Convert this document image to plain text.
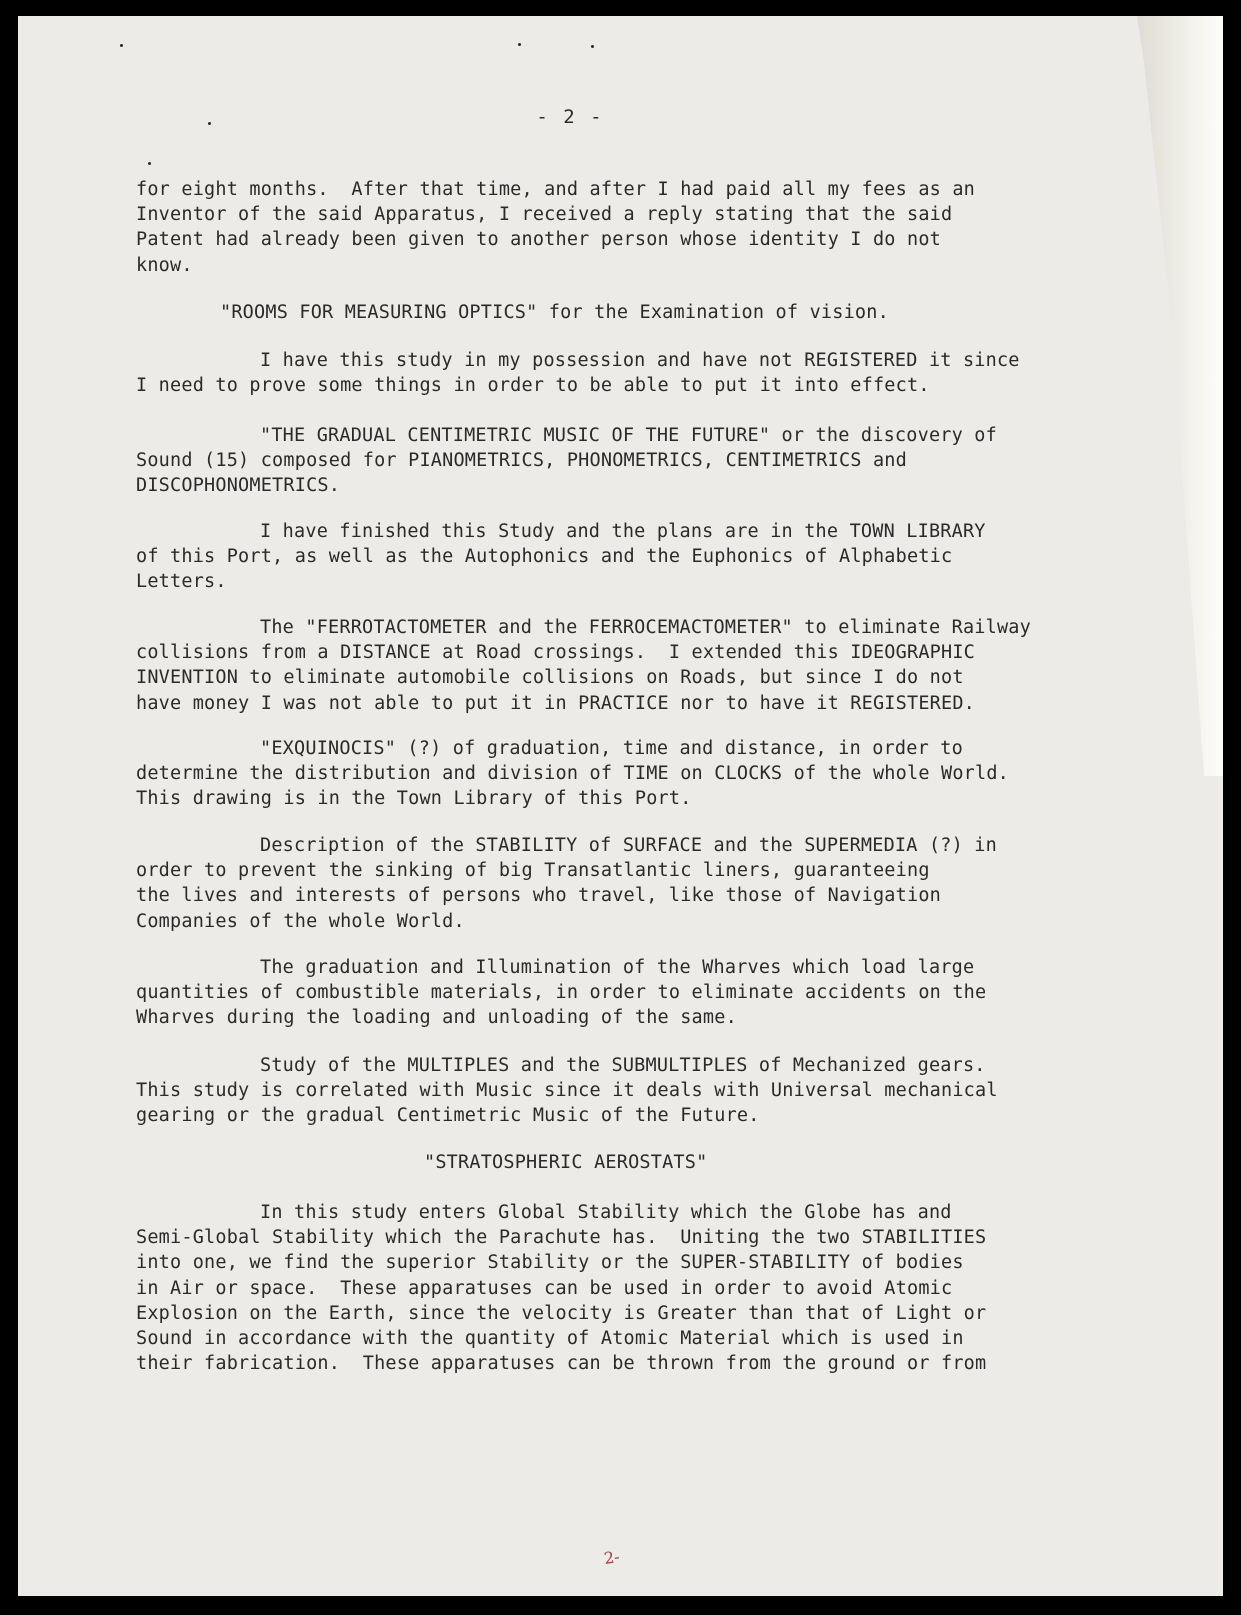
- 2 -

for eight months.  After that time, and after I had paid all my fees as an
Inventor of the said Apparatus, I received a reply stating that the said
Patent had already been given to another person whose identity I do not
know.

"ROOMS FOR MEASURING OPTICS" for the Examination of vision.

I have this study in my possession and have not REGISTERED it since
I need to prove some things in order to be able to put it into effect.

"THE GRADUAL CENTIMETRIC MUSIC OF THE FUTURE" or the discovery of
Sound (15) composed for PIANOMETRICS, PHONOMETRICS, CENTIMETRICS and
DISCOPHONOMETRICS.

I have finished this Study and the plans are in the TOWN LIBRARY
of this Port, as well as the Autophonics and the Euphonics of Alphabetic
Letters.

The "FERROTACTOMETER and the FERROCEMACTOMETER" to eliminate Railway
collisions from a DISTANCE at Road crossings.  I extended this IDEOGRAPHIC
INVENTION to eliminate automobile collisions on Roads, but since I do not
have money I was not able to put it in PRACTICE nor to have it REGISTERED.

"EXQUINOCIS" (?) of graduation, time and distance, in order to
determine the distribution and division of TIME on CLOCKS of the whole World.
This drawing is in the Town Library of this Port.

Description of the STABILITY of SURFACE and the SUPERMEDIA (?) in
order to prevent the sinking of big Transatlantic liners, guaranteeing
the lives and interests of persons who travel, like those of Navigation
Companies of the whole World.

The graduation and Illumination of the Wharves which load large
quantities of combustible materials, in order to eliminate accidents on the
Wharves during the loading and unloading of the same.

Study of the MULTIPLES and the SUBMULTIPLES of Mechanized gears.
This study is correlated with Music since it deals with Universal mechanical
gearing or the gradual Centimetric Music of the Future.

"STRATOSPHERIC AEROSTATS"

In this study enters Global Stability which the Globe has and
Semi-Global Stability which the Parachute has.  Uniting the two STABILITIES
into one, we find the superior Stability or the SUPER-STABILITY of bodies
in Air or space.  These apparatuses can be used in order to avoid Atomic
Explosion on the Earth, since the velocity is Greater than that of Light or
Sound in accordance with the quantity of Atomic Material which is used in
their fabrication.  These apparatuses can be thrown from the ground or from

2-
